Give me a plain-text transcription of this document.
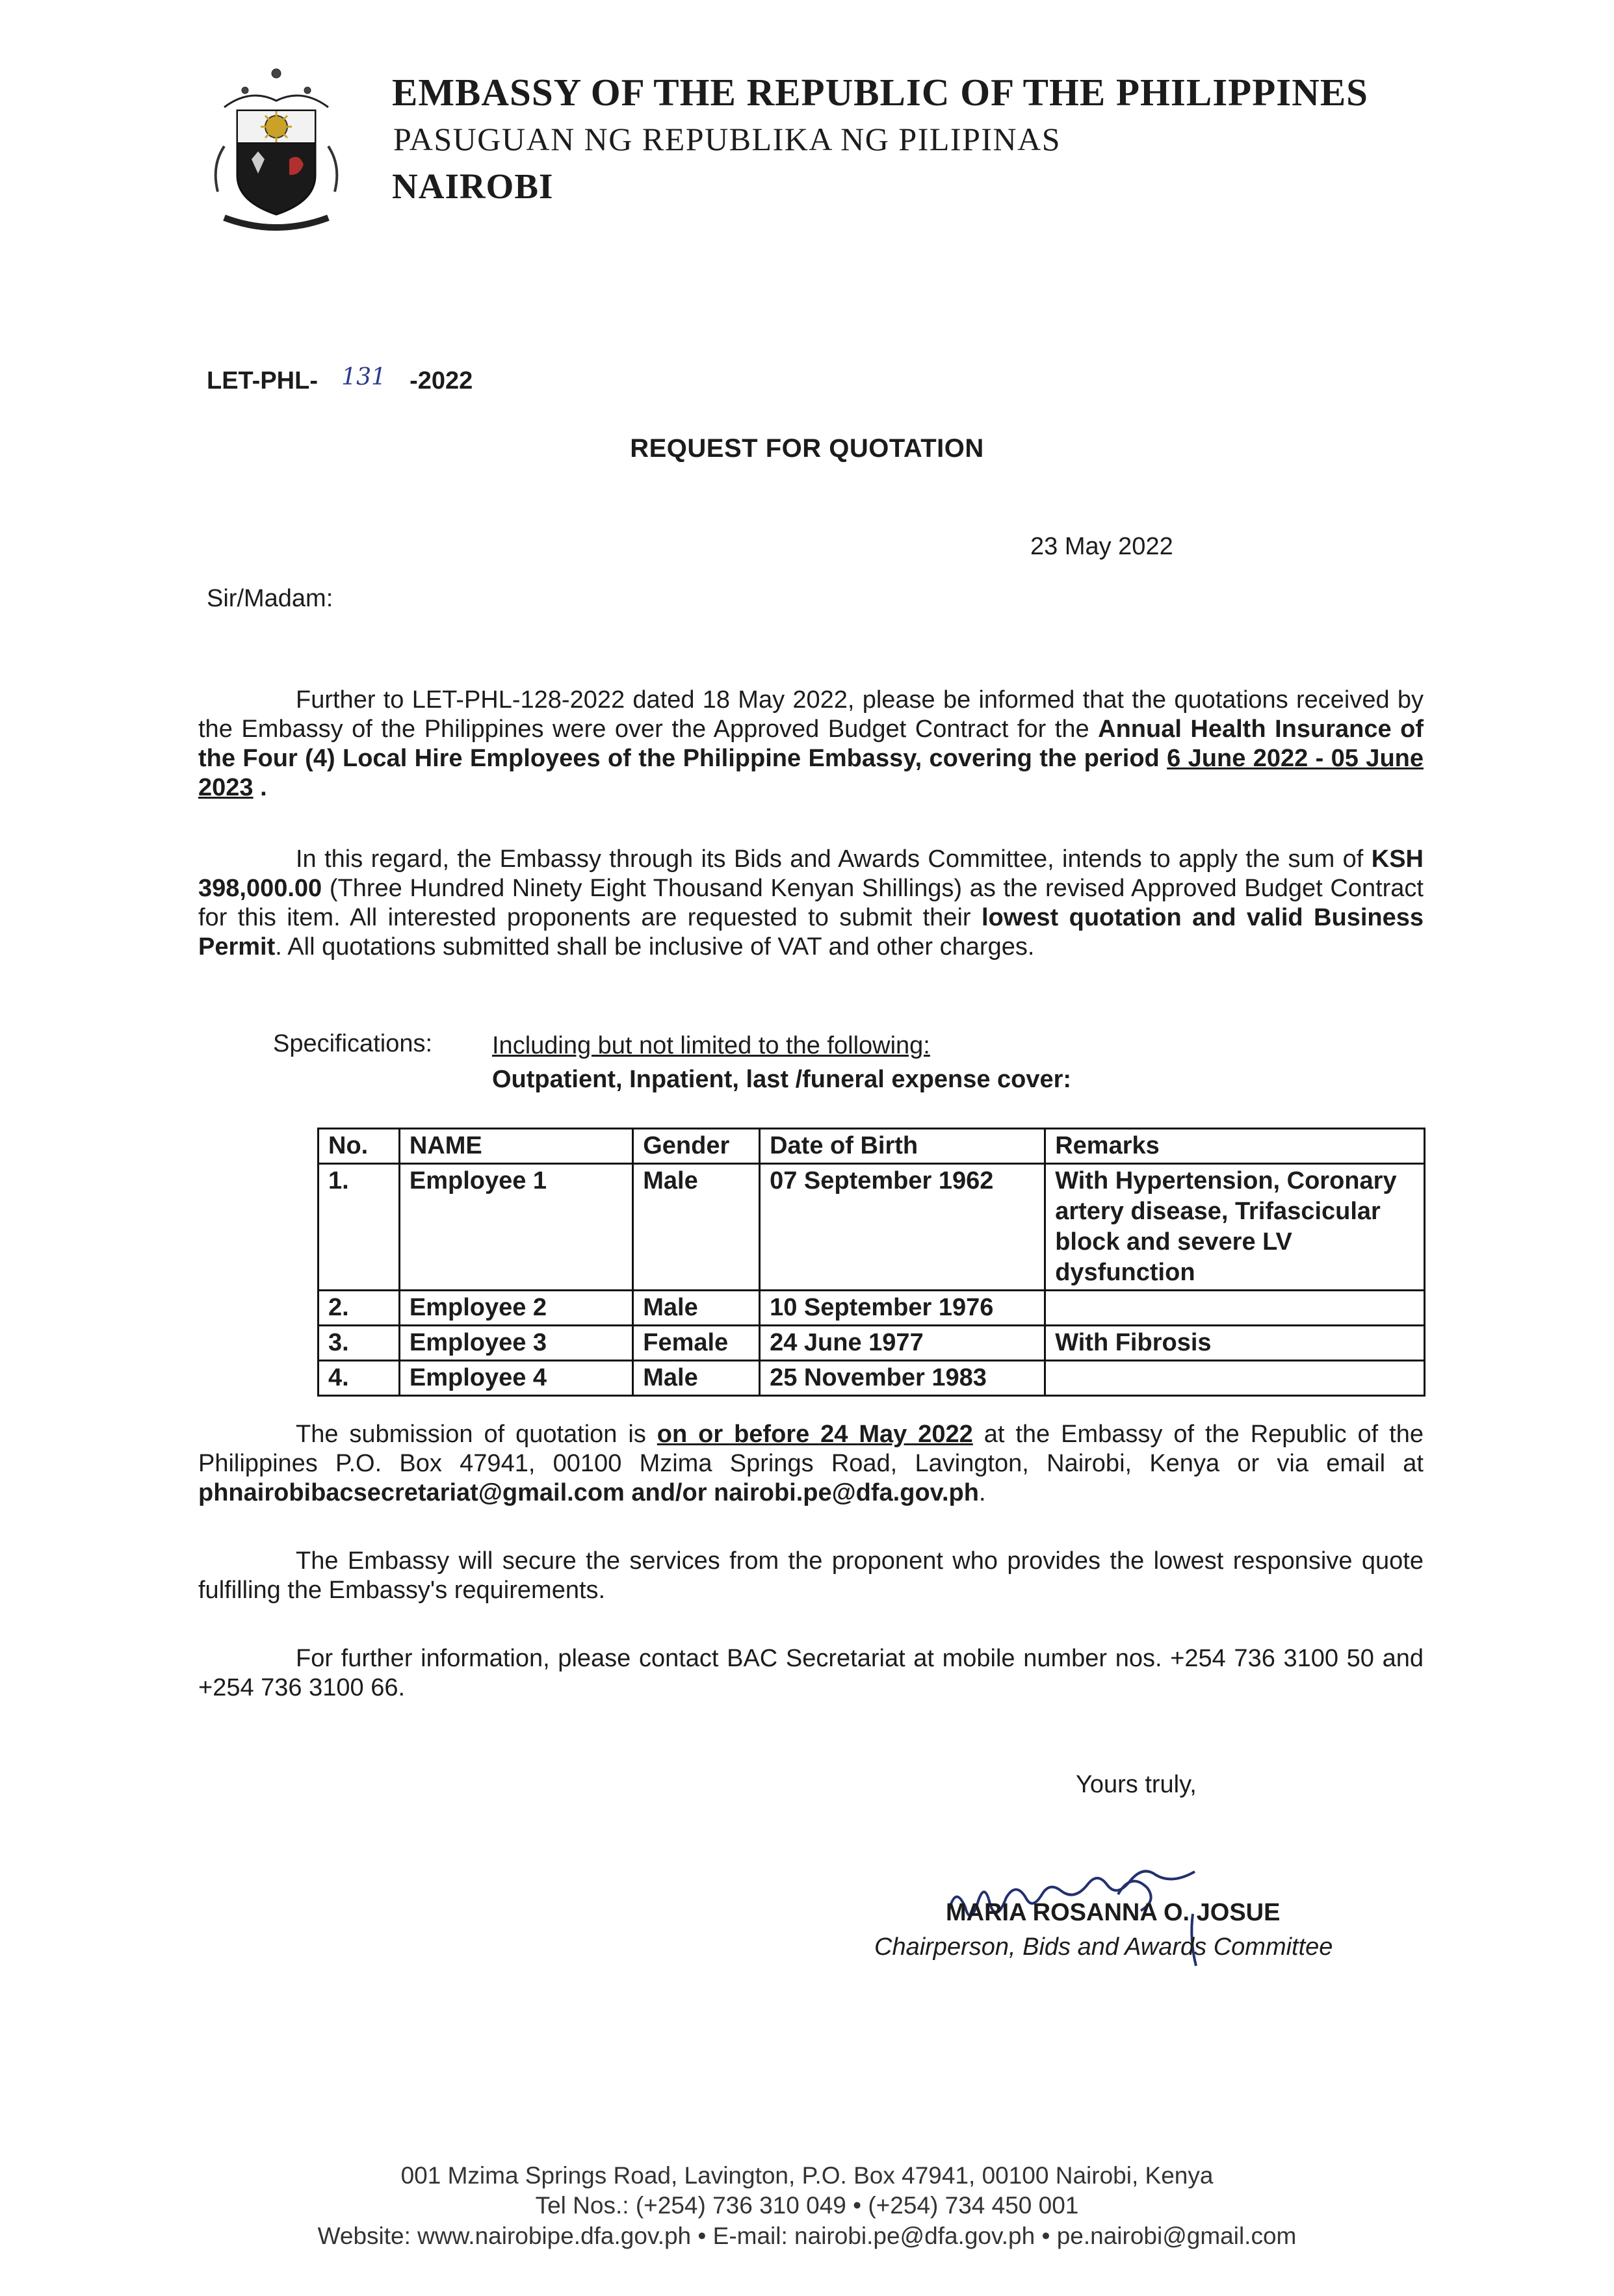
EMBASSY OF THE REPUBLIC OF THE PHILIPPINES
PASUGUAN NG REPUBLIKA NG PILIPINAS
NAIROBI
LET-PHL- 131 -2022
REQUEST FOR QUOTATION
23 May 2022
Sir/Madam:

Further to LET-PHL-128-2022 dated 18 May 2022, please be informed that the quotations received by the Embassy of the Philippines were over the Approved Budget Contract for the Annual Health Insurance of the Four (4) Local Hire Employees of the Philippine Embassy, covering the period 6 June 2022 - 05 June 2023 .

In this regard, the Embassy through its Bids and Awards Committee, intends to apply the sum of KSH 398,000.00 (Three Hundred Ninety Eight Thousand Kenyan Shillings) as the revised Approved Budget Contract for this item. All interested proponents are requested to submit their lowest quotation and valid Business Permit. All quotations submitted shall be inclusive of VAT and other charges.

Specifications: Including but not limited to the following:
Outpatient, Inpatient, last /funeral expense cover:
No.	NAME	Gender	Date of Birth	Remarks
1.	Employee 1	Male	07 September 1962	With Hypertension, Coronary artery disease, Trifascicular block and severe LV dysfunction
2.	Employee 2	Male	10 September 1976	
3.	Employee 3	Female	24 June 1977	With Fibrosis
4.	Employee 4	Male	25 November 1983	

The submission of quotation is on or before 24 May 2022 at the Embassy of the Republic of the Philippines P.O. Box 47941, 00100 Mzima Springs Road, Lavington, Nairobi, Kenya or via email at phnairobibacsecretariat@gmail.com and/or nairobi.pe@dfa.gov.ph.

The Embassy will secure the services from the proponent who provides the lowest responsive quote fulfilling the Embassy's requirements.

For further information, please contact BAC Secretariat at mobile number nos. +254 736 3100 50 and +254 736 3100 66.

Yours truly,
MARIA ROSANNA O. JOSUE
Chairperson, Bids and Awards Committee
001 Mzima Springs Road, Lavington, P.O. Box 47941, 00100 Nairobi, Kenya
Tel Nos.: (+254) 736 310 049 • (+254) 734 450 001
Website: www.nairobipe.dfa.gov.ph • E-mail: nairobi.pe@dfa.gov.ph • pe.nairobi@gmail.com
